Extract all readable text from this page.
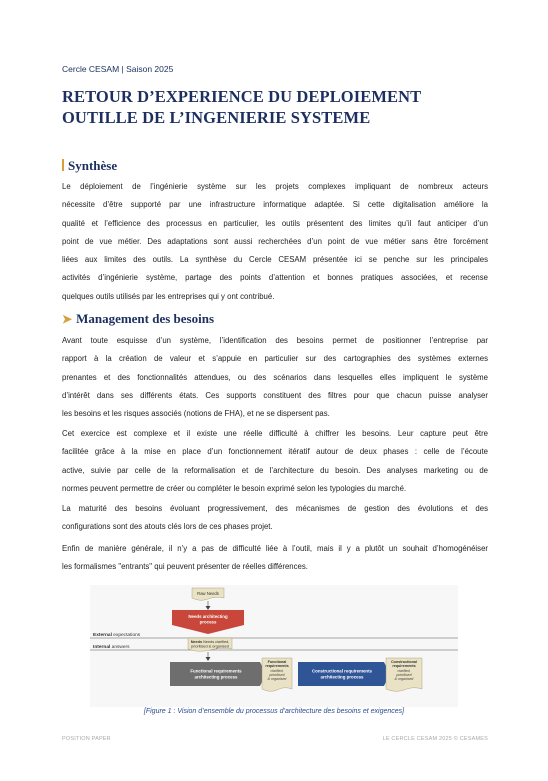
Cercle CESAM | Saison 2025
RETOUR D’EXPERIENCE DU DEPLOIEMENT
OUTILLE DE L’INGENIERIE SYSTEME
Synthèse
Le déploiement de l’ingénierie système sur les projets complexes impliquant de nombreux acteurs
nécessite d’être supporté par une infrastructure informatique adaptée. Si cette digitalisation améliore la
qualité et l’efficience des processus en particulier, les outils présentent des limites qu’il faut anticiper d’un
point de vue métier. Des adaptations sont aussi recherchées d’un point de vue métier sans être forcément
liées aux limites des outils. La synthèse du Cercle CESAM présentée ici se penche sur les principales
activités d’ingénierie système, partage des points d’attention et bonnes pratiques associées, et recense
quelques outils utilisés par les entreprises qui y ont contribué.
➤ Management des besoins
Avant toute esquisse d’un système, l’identification des besoins permet de positionner l’entreprise par
rapport à la création de valeur et s’appuie en particulier sur des cartographies des systèmes externes
prenantes et des fonctionnalités attendues, ou des scénarios dans lesquelles elles impliquent le système
d’intérêt dans ses différents états. Ces supports constituent des filtres pour que chacun puisse analyser
les besoins et les risques associés (notions de FHA), et ne se dispersent pas.
Cet exercice est complexe et il existe une réelle difficulté à chiffrer les besoins. Leur capture peut être
facilitée grâce à la mise en place d’un fonctionnement itératif autour de deux phases : celle de l’écoute
active, suivie par celle de la reformalisation et de l’architecture du besoin. Des analyses marketing ou de
normes peuvent permettre de créer ou compléter le besoin exprimé selon les typologies du marché.
La maturité des besoins évoluant progressivement, des mécanismes de gestion des évolutions et des
configurations sont des atouts clés lors de ces phases projet.
Enfin de manière générale, il n’y a pas de difficulté liée à l’outil, mais il y a plutôt un souhait d’homogénéiser
les formalismes "entrants" qui peuvent présenter de réelles différences.
Raw Needs
Needs architecting
process
External expectations
Internal answers
Needs Needs clarified,
prioritised & organised
Functional requirements
architecting process
Functional
requirements
clarified,
prioritised
& organised
Constructional requirements
architecting process
Constructional
requirements
clarified,
prioritised
& organised
[Figure 1 : Vision d’ensemble du processus d’architecture des besoins et exigences]
POSITION PAPER	LE CERCLE CESAM 2025 © CESAMES
